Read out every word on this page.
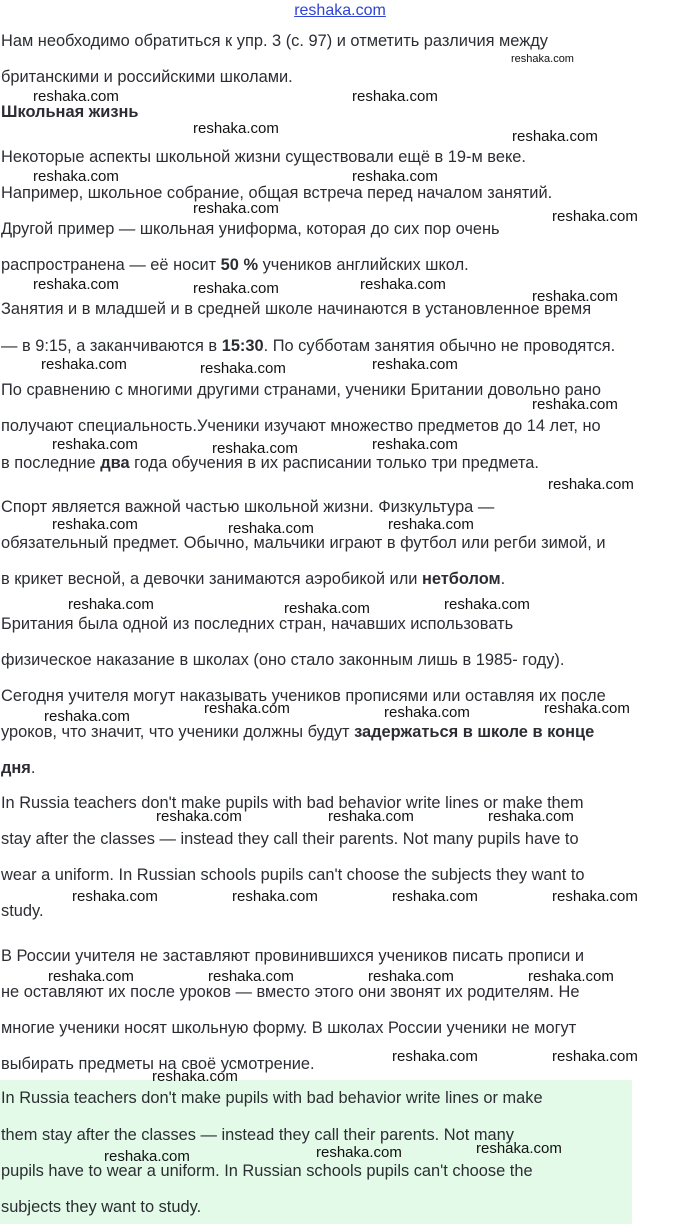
reshaka.com
Нам необходимо обратиться к упр. 3 (с. 97) и отметить различия между
британскими и российскими школами.
Школьная жизнь
Некоторые аспекты школьной жизни существовали ещё в 19-м веке.
Например, школьное собрание, общая встреча перед началом занятий.
Другой пример — школьная униформа, которая до сих пор очень
распространена — её носит 50 % учеников английских школ.
Занятия и в младшей и в средней школе начинаются в установленное время
— в 9:15, а заканчиваются в 15:30. По субботам занятия обычно не проводятся.
По сравнению с многими другими странами, ученики Британии довольно рано
получают специальность.Ученики изучают множество предметов до 14 лет, но
в последние два года обучения в их расписании только три предмета.
Спорт является важной частью школьной жизни. Физкультура —
обязательный предмет. Обычно, мальчики играют в футбол или регби зимой, и
в крикет весной, а девочки занимаются аэробикой или нетболом.
Британия была одной из последних стран, начавших использовать
физическое наказание в школах (оно стало законным лишь в 1985- году).
Сегодня учителя могут наказывать учеников прописями или оставляя их после
уроков, что значит, что ученики должны будут задержаться в школе в конце
дня.
In Russia teachers don't make pupils with bad behavior write lines or make them
stay after the classes — instead they call their parents. Not many pupils have to
wear a uniform. In Russian schools pupils can't choose the subjects they want to
study.
В России учителя не заставляют провинившихся учеников писать прописи и
не оставляют их после уроков — вместо этого они звонят их родителям. Не
многие ученики носят школьную форму. В школах России ученики не могут
выбирать предметы на своё усмотрение.
In Russia teachers don't make pupils with bad behavior write lines or make
them stay after the classes — instead they call their parents. Not many
pupils have to wear a uniform. In Russian schools pupils can't choose the
subjects they want to study.
reshaka.com
reshaka.com	reshaka.com
reshaka.com	reshaka.com
reshaka.com	reshaka.com
reshaka.com	reshaka.com
reshaka.com	reshaka.com	reshaka.com
reshaka.com
reshaka.com	reshaka.com	reshaka.com
reshaka.com
reshaka.com	reshaka.com	reshaka.com
reshaka.com
reshaka.com	reshaka.com	reshaka.com
reshaka.com	reshaka.com	reshaka.com
reshaka.com	reshaka.com	reshaka.com	reshaka.com
reshaka.com	reshaka.com	reshaka.com
reshaka.com	reshaka.com	reshaka.com	reshaka.com
reshaka.com	reshaka.com	reshaka.com	reshaka.com
reshaka.com	reshaka.com
reshaka.com
reshaka.com	reshaka.com
reshaka.com
